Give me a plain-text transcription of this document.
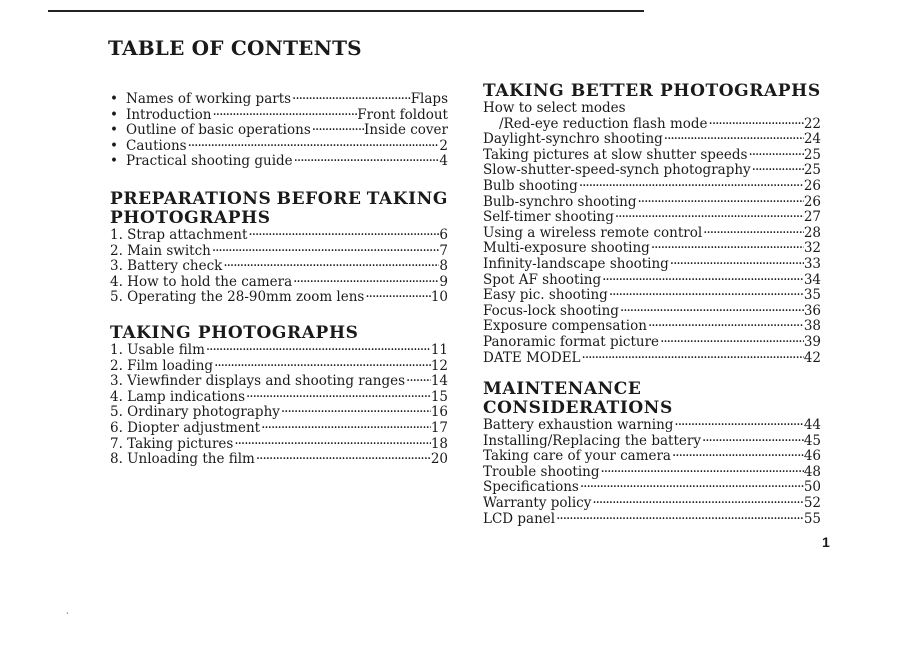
TABLE OF CONTENTS
• Names of working parts ·····	Flaps
• Introduction ·····	Front foldout
• Outline of basic operations ·····	Inside cover
• Cautions ·····	2
• Practical shooting guide ·····	4
PREPARATIONS BEFORE TAKING
PHOTOGRAPHS
1. Strap attachment ·····	6
2. Main switch ·····	7
3. Battery check ·····	8
4. How to hold the camera ·····	9
5. Operating the 28-90mm zoom lens ·····	10
TAKING PHOTOGRAPHS
1. Usable film ·····	11
2. Film loading ·····	12
3. Viewfinder displays and shooting ranges ····· 14
4. Lamp indications ·····	15
5. Ordinary photography ·····	16
6. Diopter adjustment ·····	17
7. Taking pictures ·····	18
8. Unloading the film ·····	20
TAKING BETTER PHOTOGRAPHS
How to select modes
/Red-eye reduction flash mode ·····	22
Daylight-synchro shooting ·····	24
Taking pictures at slow shutter speeds ·····	25
Slow-shutter-speed-synch photography ·····	25
Bulb shooting ·····	26
Bulb-synchro shooting ·····	26
Self-timer shooting ·····	27
Using a wireless remote control ·····	28
Multi-exposure shooting ·····	32
Infinity-landscape shooting ·····	33
Spot AF shooting ·····	34
Easy pic. shooting ·····	35
Focus-lock shooting ·····	36
Exposure compensation ·····	38
Panoramic format picture ·····	39
DATE MODEL ·····	42
MAINTENANCE CONSIDERATIONS
Battery exhaustion warning ·····	44
Installing/Replacing the battery ·····	45
Taking care of your camera ·····	46
Trouble shooting ·····	48
Specifications ·····	50
Warranty policy ·····	52
LCD panel ·····	55
1
ˎ
